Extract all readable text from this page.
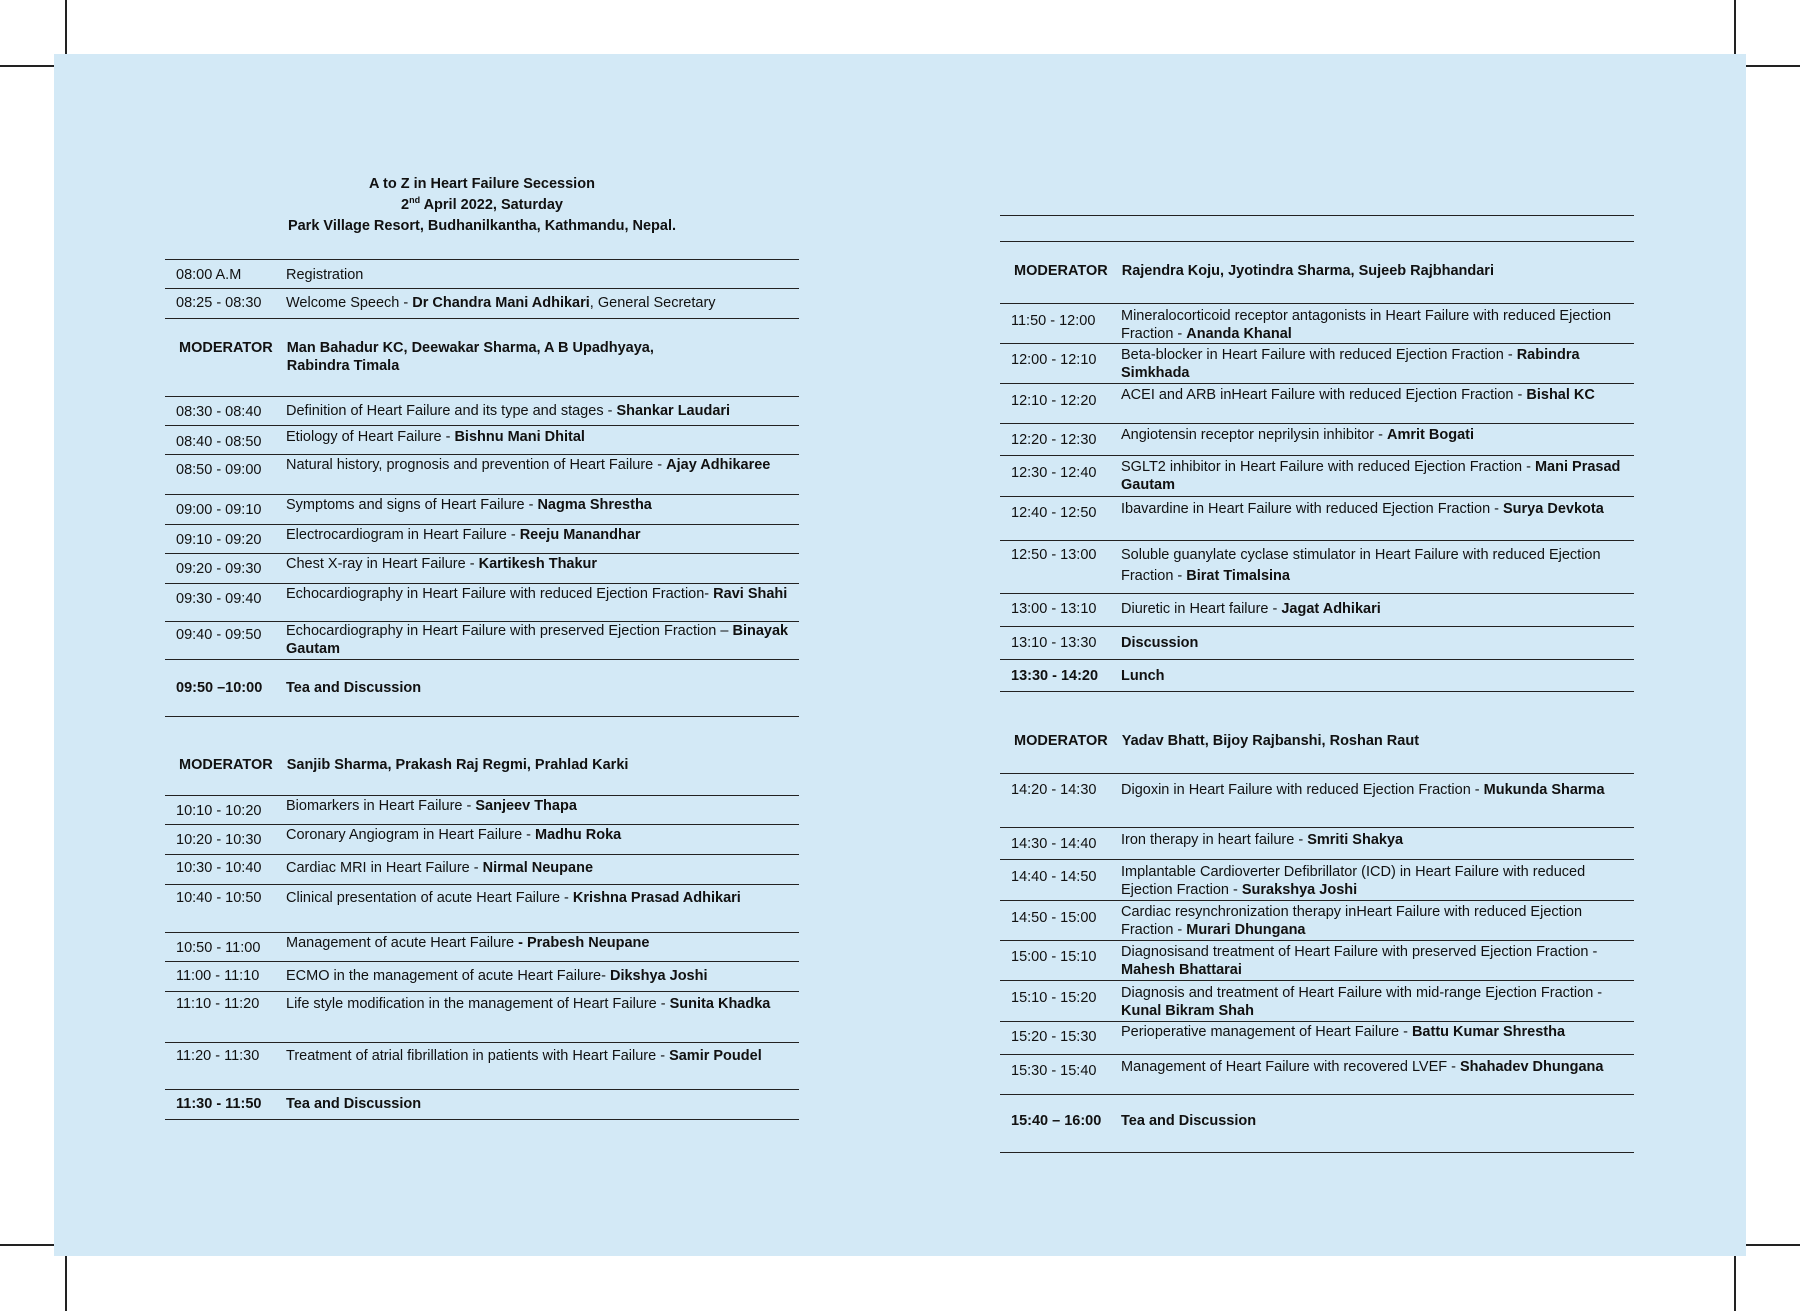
A to Z in Heart Failure Secession
2nd April 2022, Saturday
Park Village Resort, Budhanilkantha, Kathmandu, Nepal.
08:00 A.M	Registration
08:25 - 08:30	Welcome Speech - Dr Chandra Mani Adhikari, General Secretary
MODERATOR Man Bahadur KC, Deewakar Sharma, A B Upadhyaya, Rabindra Timala
08:30 - 08:40	Definition of Heart Failure and its type and stages - Shankar Laudari
08:40 - 08:50	Etiology of Heart Failure - Bishnu Mani Dhital
08:50 - 09:00	Natural history, prognosis and prevention of Heart Failure - Ajay Adhikaree
09:00 - 09:10	Symptoms and signs of Heart Failure - Nagma Shrestha
09:10 - 09:20	Electrocardiogram in Heart Failure - Reeju Manandhar
09:20 - 09:30	Chest X-ray in Heart Failure - Kartikesh Thakur
09:30 - 09:40	Echocardiography in Heart Failure with reduced Ejection Fraction- Ravi Shahi
09:40 - 09:50	Echocardiography in Heart Failure with preserved Ejection Fraction – Binayak Gautam
09:50 –10:00	Tea and Discussion
MODERATOR Sanjib Sharma, Prakash Raj Regmi, Prahlad Karki
10:10 - 10:20	Biomarkers in Heart Failure - Sanjeev Thapa
10:20 - 10:30	Coronary Angiogram in Heart Failure - Madhu Roka
10:30 - 10:40	Cardiac MRI in Heart Failure - Nirmal Neupane
10:40 - 10:50	Clinical presentation of acute Heart Failure - Krishna Prasad Adhikari
10:50 - 11:00	Management of acute Heart Failure - Prabesh Neupane
11:00 - 11:10	ECMO in the management of acute Heart Failure- Dikshya Joshi
11:10 - 11:20	Life style modification in the management of Heart Failure - Sunita Khadka
11:20 - 11:30	Treatment of atrial fibrillation in patients with Heart Failure - Samir Poudel
11:30 - 11:50	Tea and Discussion
MODERATOR Rajendra Koju, Jyotindra Sharma, Sujeeb Rajbhandari
11:50 - 12:00	Mineralocorticoid receptor antagonists in Heart Failure with reduced Ejection Fraction - Ananda Khanal
12:00 - 12:10	Beta-blocker in Heart Failure with reduced Ejection Fraction - Rabindra Simkhada
12:10 - 12:20	ACEI and ARB inHeart Failure with reduced Ejection Fraction - Bishal KC
12:20 - 12:30	Angiotensin receptor neprilysin inhibitor - Amrit Bogati
12:30 - 12:40	SGLT2 inhibitor in Heart Failure with reduced Ejection Fraction - Mani Prasad Gautam
12:40 - 12:50	Ibavardine in Heart Failure with reduced Ejection Fraction - Surya Devkota
12:50 - 13:00	Soluble guanylate cyclase stimulator in Heart Failure with reduced Ejection Fraction - Birat Timalsina
13:00 - 13:10	Diuretic in Heart failure - Jagat Adhikari
13:10 - 13:30	Discussion
13:30 - 14:20	Lunch
MODERATOR Yadav Bhatt, Bijoy Rajbanshi, Roshan Raut
14:20 - 14:30	Digoxin in Heart Failure with reduced Ejection Fraction - Mukunda Sharma
14:30 - 14:40	Iron therapy in heart failure - Smriti Shakya
14:40 - 14:50	Implantable Cardioverter Defibrillator (ICD) in Heart Failure with reduced Ejection Fraction - Surakshya Joshi
14:50 - 15:00	Cardiac resynchronization therapy inHeart Failure with reduced Ejection Fraction - Murari Dhungana
15:00 - 15:10	Diagnosisand treatment of Heart Failure with preserved Ejection Fraction - Mahesh Bhattarai
15:10 - 15:20	Diagnosis and treatment of Heart Failure with mid-range Ejection Fraction - Kunal Bikram Shah
15:20 - 15:30	Perioperative management of Heart Failure - Battu Kumar Shrestha
15:30 - 15:40	Management of Heart Failure with recovered LVEF - Shahadev Dhungana
15:40 – 16:00	Tea and Discussion
